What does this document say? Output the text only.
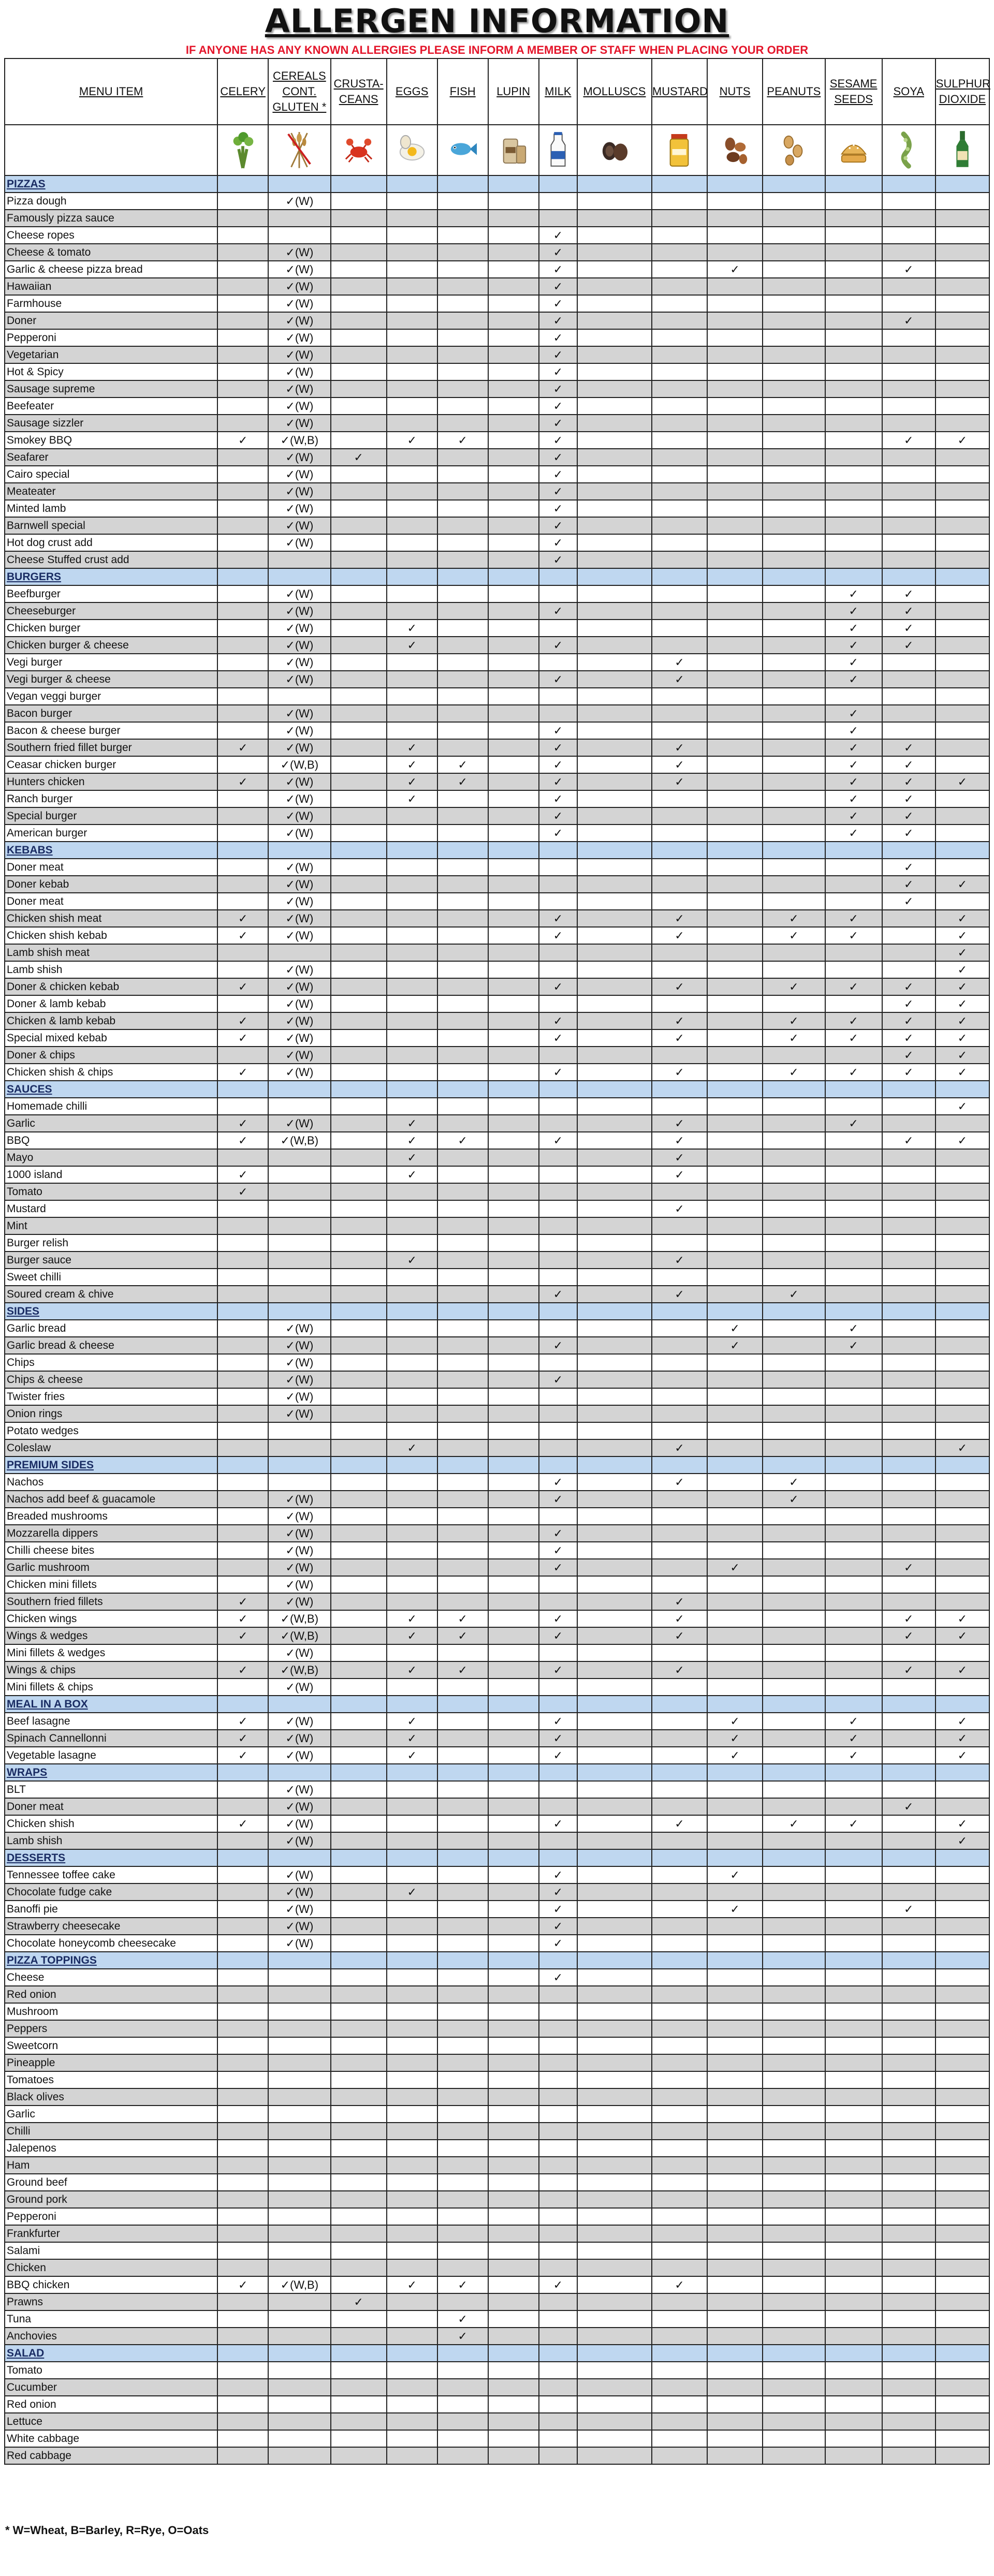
ALLERGEN INFORMATION
IF ANYONE HAS ANY KNOWN ALLERGIES PLEASE INFORM A MEMBER OF STAFF WHEN PLACING YOUR ORDER
MENU ITEM	CELERY	CEREALS CONT. GLUTEN *	CRUSTA- CEANS	EGGS	FISH	LUPIN	MILK	MOLLUSCS	MUSTARD	NUTS	PEANUTS	SESAME SEEDS	SOYA	SULPHUR DIOXIDE

PIZZAS														
Pizza dough		✓(W)												
Famously pizza sauce														
Cheese ropes							✓							
Cheese & tomato		✓(W)					✓							
Garlic & cheese pizza bread		✓(W)					✓			✓			✓	
Hawaiian		✓(W)					✓							
Farmhouse		✓(W)					✓							
Doner		✓(W)					✓						✓	
Pepperoni		✓(W)					✓							
Vegetarian		✓(W)					✓							
Hot & Spicy		✓(W)					✓							
Sausage supreme		✓(W)					✓							
Beefeater		✓(W)					✓							
Sausage sizzler		✓(W)					✓							
Smokey BBQ	✓	✓(W,B)		✓	✓		✓						✓	✓
Seafarer		✓(W)	✓				✓							
Cairo special		✓(W)					✓							
Meateater		✓(W)					✓							
Minted lamb		✓(W)					✓							
Barnwell special		✓(W)					✓							
Hot dog crust add		✓(W)					✓							
Cheese Stuffed crust add							✓							
BURGERS														
Beefburger		✓(W)										✓	✓	
Cheeseburger		✓(W)					✓					✓	✓	
Chicken burger		✓(W)		✓								✓	✓	
Chicken burger & cheese		✓(W)		✓			✓					✓	✓	
Vegi burger		✓(W)							✓			✓		
Vegi burger & cheese		✓(W)					✓		✓			✓		
Vegan veggi burger														
Bacon burger		✓(W)										✓		
Bacon & cheese burger		✓(W)					✓					✓		
Southern fried fillet burger	✓	✓(W)		✓			✓		✓			✓	✓	
Ceasar chicken burger		✓(W,B)		✓	✓		✓		✓			✓	✓	
Hunters chicken	✓	✓(W)		✓	✓		✓		✓			✓	✓	✓
Ranch burger		✓(W)		✓			✓					✓	✓	
Special burger		✓(W)					✓					✓	✓	
American burger		✓(W)					✓					✓	✓	
KEBABS														
Doner meat		✓(W)											✓	
Doner kebab		✓(W)											✓	✓
Doner meat		✓(W)											✓	
Chicken shish meat	✓	✓(W)					✓		✓		✓	✓		✓
Chicken shish kebab	✓	✓(W)					✓		✓		✓	✓		✓
Lamb shish meat														✓
Lamb shish		✓(W)												✓
Doner & chicken kebab	✓	✓(W)					✓		✓		✓	✓	✓	✓
Doner & lamb kebab		✓(W)											✓	✓
Chicken & lamb kebab	✓	✓(W)					✓		✓		✓	✓	✓	✓
Special mixed kebab	✓	✓(W)					✓		✓		✓	✓	✓	✓
Doner & chips		✓(W)											✓	✓
Chicken shish & chips	✓	✓(W)					✓		✓		✓	✓	✓	✓
SAUCES														
Homemade chilli														✓
Garlic	✓	✓(W)		✓					✓			✓		
BBQ	✓	✓(W,B)		✓	✓		✓		✓				✓	✓
Mayo				✓					✓					
1000 island	✓			✓					✓					
Tomato	✓													
Mustard									✓					
Mint														
Burger relish														
Burger sauce				✓					✓					
Sweet chilli														
Soured cream & chive							✓		✓		✓			
SIDES														
Garlic bread		✓(W)								✓		✓		
Garlic bread & cheese		✓(W)					✓			✓		✓		
Chips		✓(W)												
Chips & cheese		✓(W)					✓							
Twister fries		✓(W)												
Onion rings		✓(W)												
Potato wedges														
Coleslaw				✓					✓					✓
PREMIUM SIDES														
Nachos							✓		✓		✓			
Nachos add beef & guacamole		✓(W)					✓				✓			
Breaded mushrooms		✓(W)												
Mozzarella dippers		✓(W)					✓							
Chilli cheese bites		✓(W)					✓							
Garlic mushroom		✓(W)					✓			✓			✓	
Chicken mini fillets		✓(W)												
Southern fried fillets	✓	✓(W)							✓					
Chicken wings	✓	✓(W,B)		✓	✓		✓		✓				✓	✓
Wings & wedges	✓	✓(W,B)		✓	✓		✓		✓				✓	✓
Mini fillets & wedges		✓(W)												
Wings & chips	✓	✓(W,B)		✓	✓		✓		✓				✓	✓
Mini fillets & chips		✓(W)												
MEAL IN A BOX														
Beef lasagne	✓	✓(W)		✓			✓			✓		✓		✓
Spinach Cannellonni	✓	✓(W)		✓			✓			✓		✓		✓
Vegetable lasagne	✓	✓(W)		✓			✓			✓		✓		✓
WRAPS														
BLT		✓(W)												
Doner meat		✓(W)											✓	
Chicken shish	✓	✓(W)					✓		✓		✓	✓		✓
Lamb shish		✓(W)												✓
DESSERTS														
Tennessee toffee cake		✓(W)					✓			✓				
Chocolate fudge cake		✓(W)		✓			✓							
Banoffi pie		✓(W)					✓			✓			✓	
Strawberry cheesecake		✓(W)					✓							
Chocolate honeycomb cheesecake		✓(W)					✓							
PIZZA TOPPINGS														
Cheese							✓							
Red onion														
Mushroom														
Peppers														
Sweetcorn														
Pineapple														
Tomatoes														
Black olives														
Garlic														
Chilli														
Jalepenos														
Ham														
Ground beef														
Ground pork														
Pepperoni														
Frankfurter														
Salami														
Chicken														
BBQ chicken	✓	✓(W,B)		✓	✓		✓		✓					
Prawns			✓											
Tuna					✓									
Anchovies					✓									
SALAD														
Tomato														
Cucumber														
Red onion														
Lettuce														
White cabbage														
Red cabbage														
* W=Wheat, B=Barley, R=Rye, O=Oats
